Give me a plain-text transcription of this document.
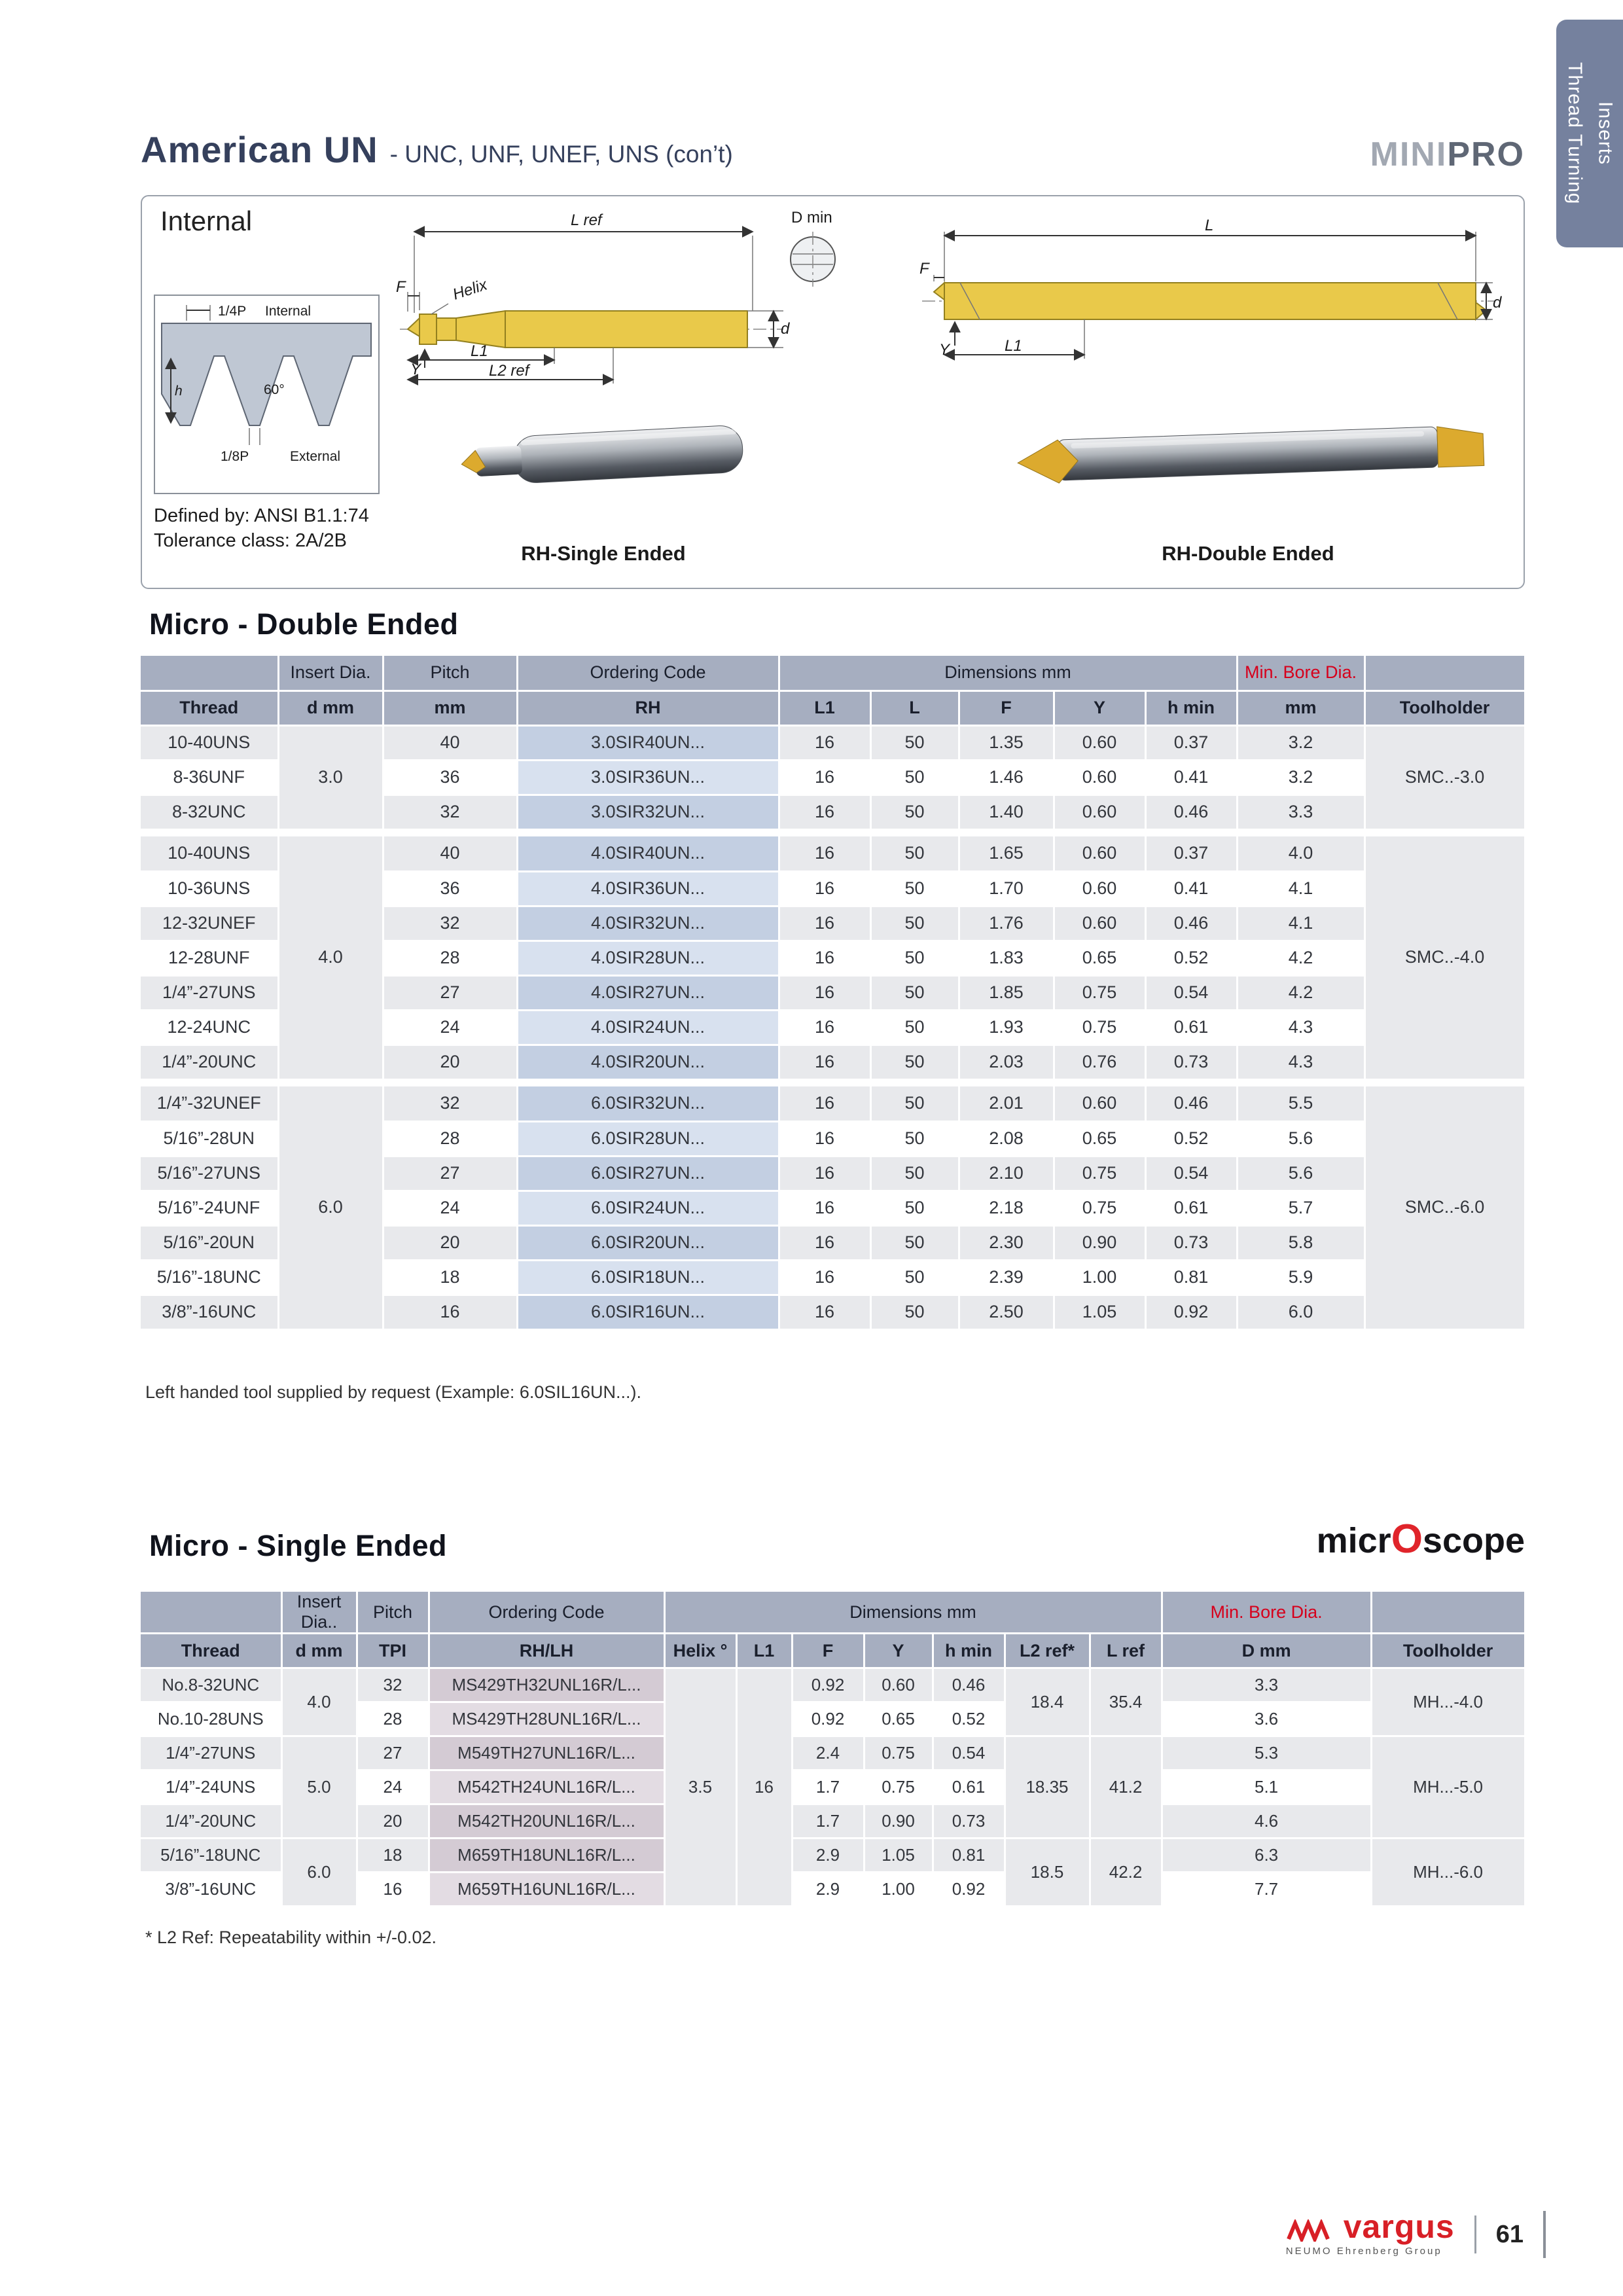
American UN - UNC, UNF, UNEF, UNS (con’t)	MINIPRO Thread Turning Inserts
Internal
1/4P Internal
60°
h
1/8P	External
Defined by: ANSI B1.1:74
Tolerance class: 2A/2B
L ref	D min
Helix
F
Y
L1
L2 ref
d
L
F
Y	L1
d
RH-Single Ended	RH-Double Ended
Micro - Double Ended
	Insert Dia.	Pitch	Ordering Code	Dimensions mm					Min. Bore Dia.	
Thread	d mm	mm	RH	L1	L	F	Y	h min	mm	Toolholder
10-40UNS	3.0	40	3.0SIR40UN...	16	50	1.35	0.60	0.37	3.2	SMC..-3.0
8-36UNF		36	3.0SIR36UN...	16	50	1.46	0.60	0.41	3.2	
8-32UNC		32	3.0SIR32UN...	16	50	1.40	0.60	0.46	3.3	

10-40UNS	4.0	40	4.0SIR40UN...	16	50	1.65	0.60	0.37	4.0	SMC..-4.0
10-36UNS		36	4.0SIR36UN...	16	50	1.70	0.60	0.41	4.1	
12-32UNEF		32	4.0SIR32UN...	16	50	1.76	0.60	0.46	4.1	
12-28UNF		28	4.0SIR28UN...	16	50	1.83	0.65	0.52	4.2	
1/4”-27UNS		27	4.0SIR27UN...	16	50	1.85	0.75	0.54	4.2	
12-24UNC		24	4.0SIR24UN...	16	50	1.93	0.75	0.61	4.3	
1/4”-20UNC		20	4.0SIR20UN...	16	50	2.03	0.76	0.73	4.3	

1/4”-32UNEF	6.0	32	6.0SIR32UN...	16	50	2.01	0.60	0.46	5.5	SMC..-6.0
5/16”-28UN		28	6.0SIR28UN...	16	50	2.08	0.65	0.52	5.6	
5/16”-27UNS		27	6.0SIR27UN...	16	50	2.10	0.75	0.54	5.6	
5/16”-24UNF		24	6.0SIR24UN...	16	50	2.18	0.75	0.61	5.7	
5/16”-20UN		20	6.0SIR20UN...	16	50	2.30	0.90	0.73	5.8	
5/16”-18UNC		18	6.0SIR18UN...	16	50	2.39	1.00	0.81	5.9	
3/8”-16UNC		16	6.0SIR16UN...	16	50	2.50	1.05	0.92	6.0	
Left handed tool supplied by request (Example: 6.0SIL16UN...).
Micro - Single Ended	micrOscope
	Insert Dia..	Pitch	Ordering Code	Dimensions mm							Min. Bore Dia.	
Thread	d mm	TPI	RH/LH	Helix °	L1	F	Y	h min	L2 ref*	L ref	D mm	Toolholder
No.8-32UNC	4.0	32	MS429TH32UNL16R/L...	3.5	16	0.92	0.60	0.46	18.4	35.4	3.3	MH...-4.0
No.10-28UNS		28	MS429TH28UNL16R/L...			0.92	0.65	0.52			3.6	
1/4”-27UNS	5.0	27	M549TH27UNL16R/L...			2.4	0.75	0.54	18.35	41.2	5.3	MH...-5.0
1/4”-24UNS		24	M542TH24UNL16R/L...			1.7	0.75	0.61			5.1	
1/4”-20UNC		20	M542TH20UNL16R/L...			1.7	0.90	0.73			4.6	
5/16”-18UNC	6.0	18	M659TH18UNL16R/L...			2.9	1.05	0.81	18.5	42.2	6.3	MH...-6.0
3/8”-16UNC		16	M659TH16UNL16R/L...			2.9	1.00	0.92			7.7	
* L2 Ref: Repeatability within +/-0.02.
vargus
NEUMO Ehrenberg Group
61
